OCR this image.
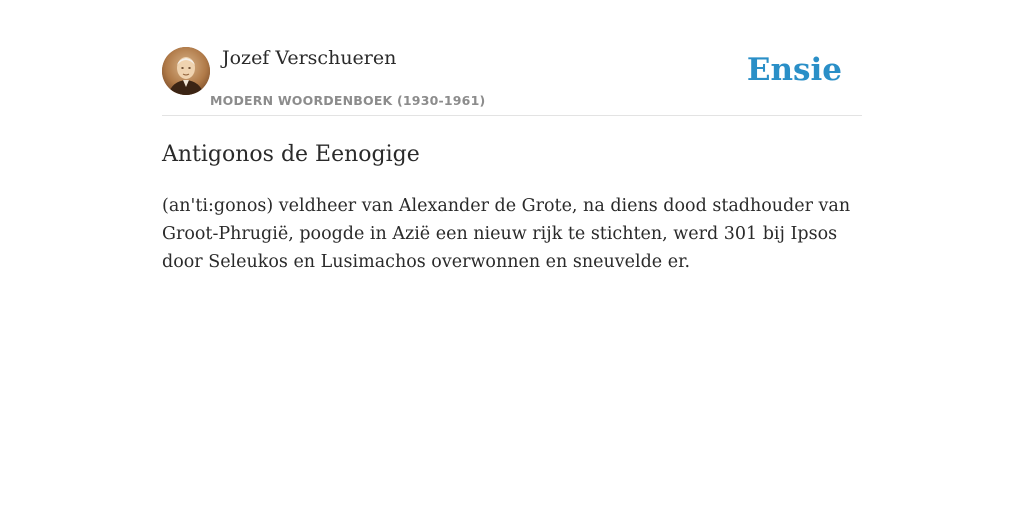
Jozef Verschueren
MODERN WOORDENBOEK (1930-1961)
Ensie
Antigonos de Eenogige

(an'ti:gonos) veldheer van Alexander de Grote, na diens dood stadhouder van Groot-Phrugië, poogde in Azië een nieuw rijk te stichten, werd 301 bij Ipsos door Seleukos en Lusimachos overwonnen en sneuvelde er.
